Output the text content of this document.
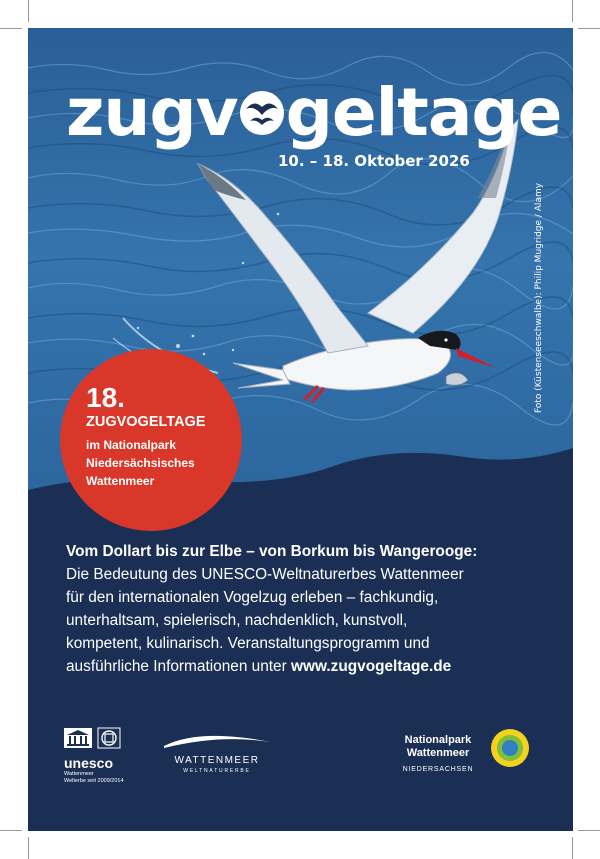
zugv geltage
10. – 18. Oktober 2026
Foto (Küstenseeschwalbe): Philip Mugridge / Alamy
18.
ZUGVOGELTAGE
im Nationalpark
Niedersächsisches
Wattenmeer
Vom Dollart bis zur Elbe – von Borkum bis Wangerooge:
Die Bedeutung des UNESCO-Weltnaturerbes Wattenmeer
für den internationalen Vogelzug erleben – fachkundig,
unterhaltsam, spielerisch, nachdenklich, kunstvoll,
kompetent, kulinarisch. Veranstaltungsprogramm und
ausführliche Informationen unter www.zugvogeltage.de
unesco
Wattenmeer
Welterbe seit 2009/2014
WATTENMEER
WELTNATURERBE
Nationalpark
Wattenmeer
NIEDERSACHSEN
